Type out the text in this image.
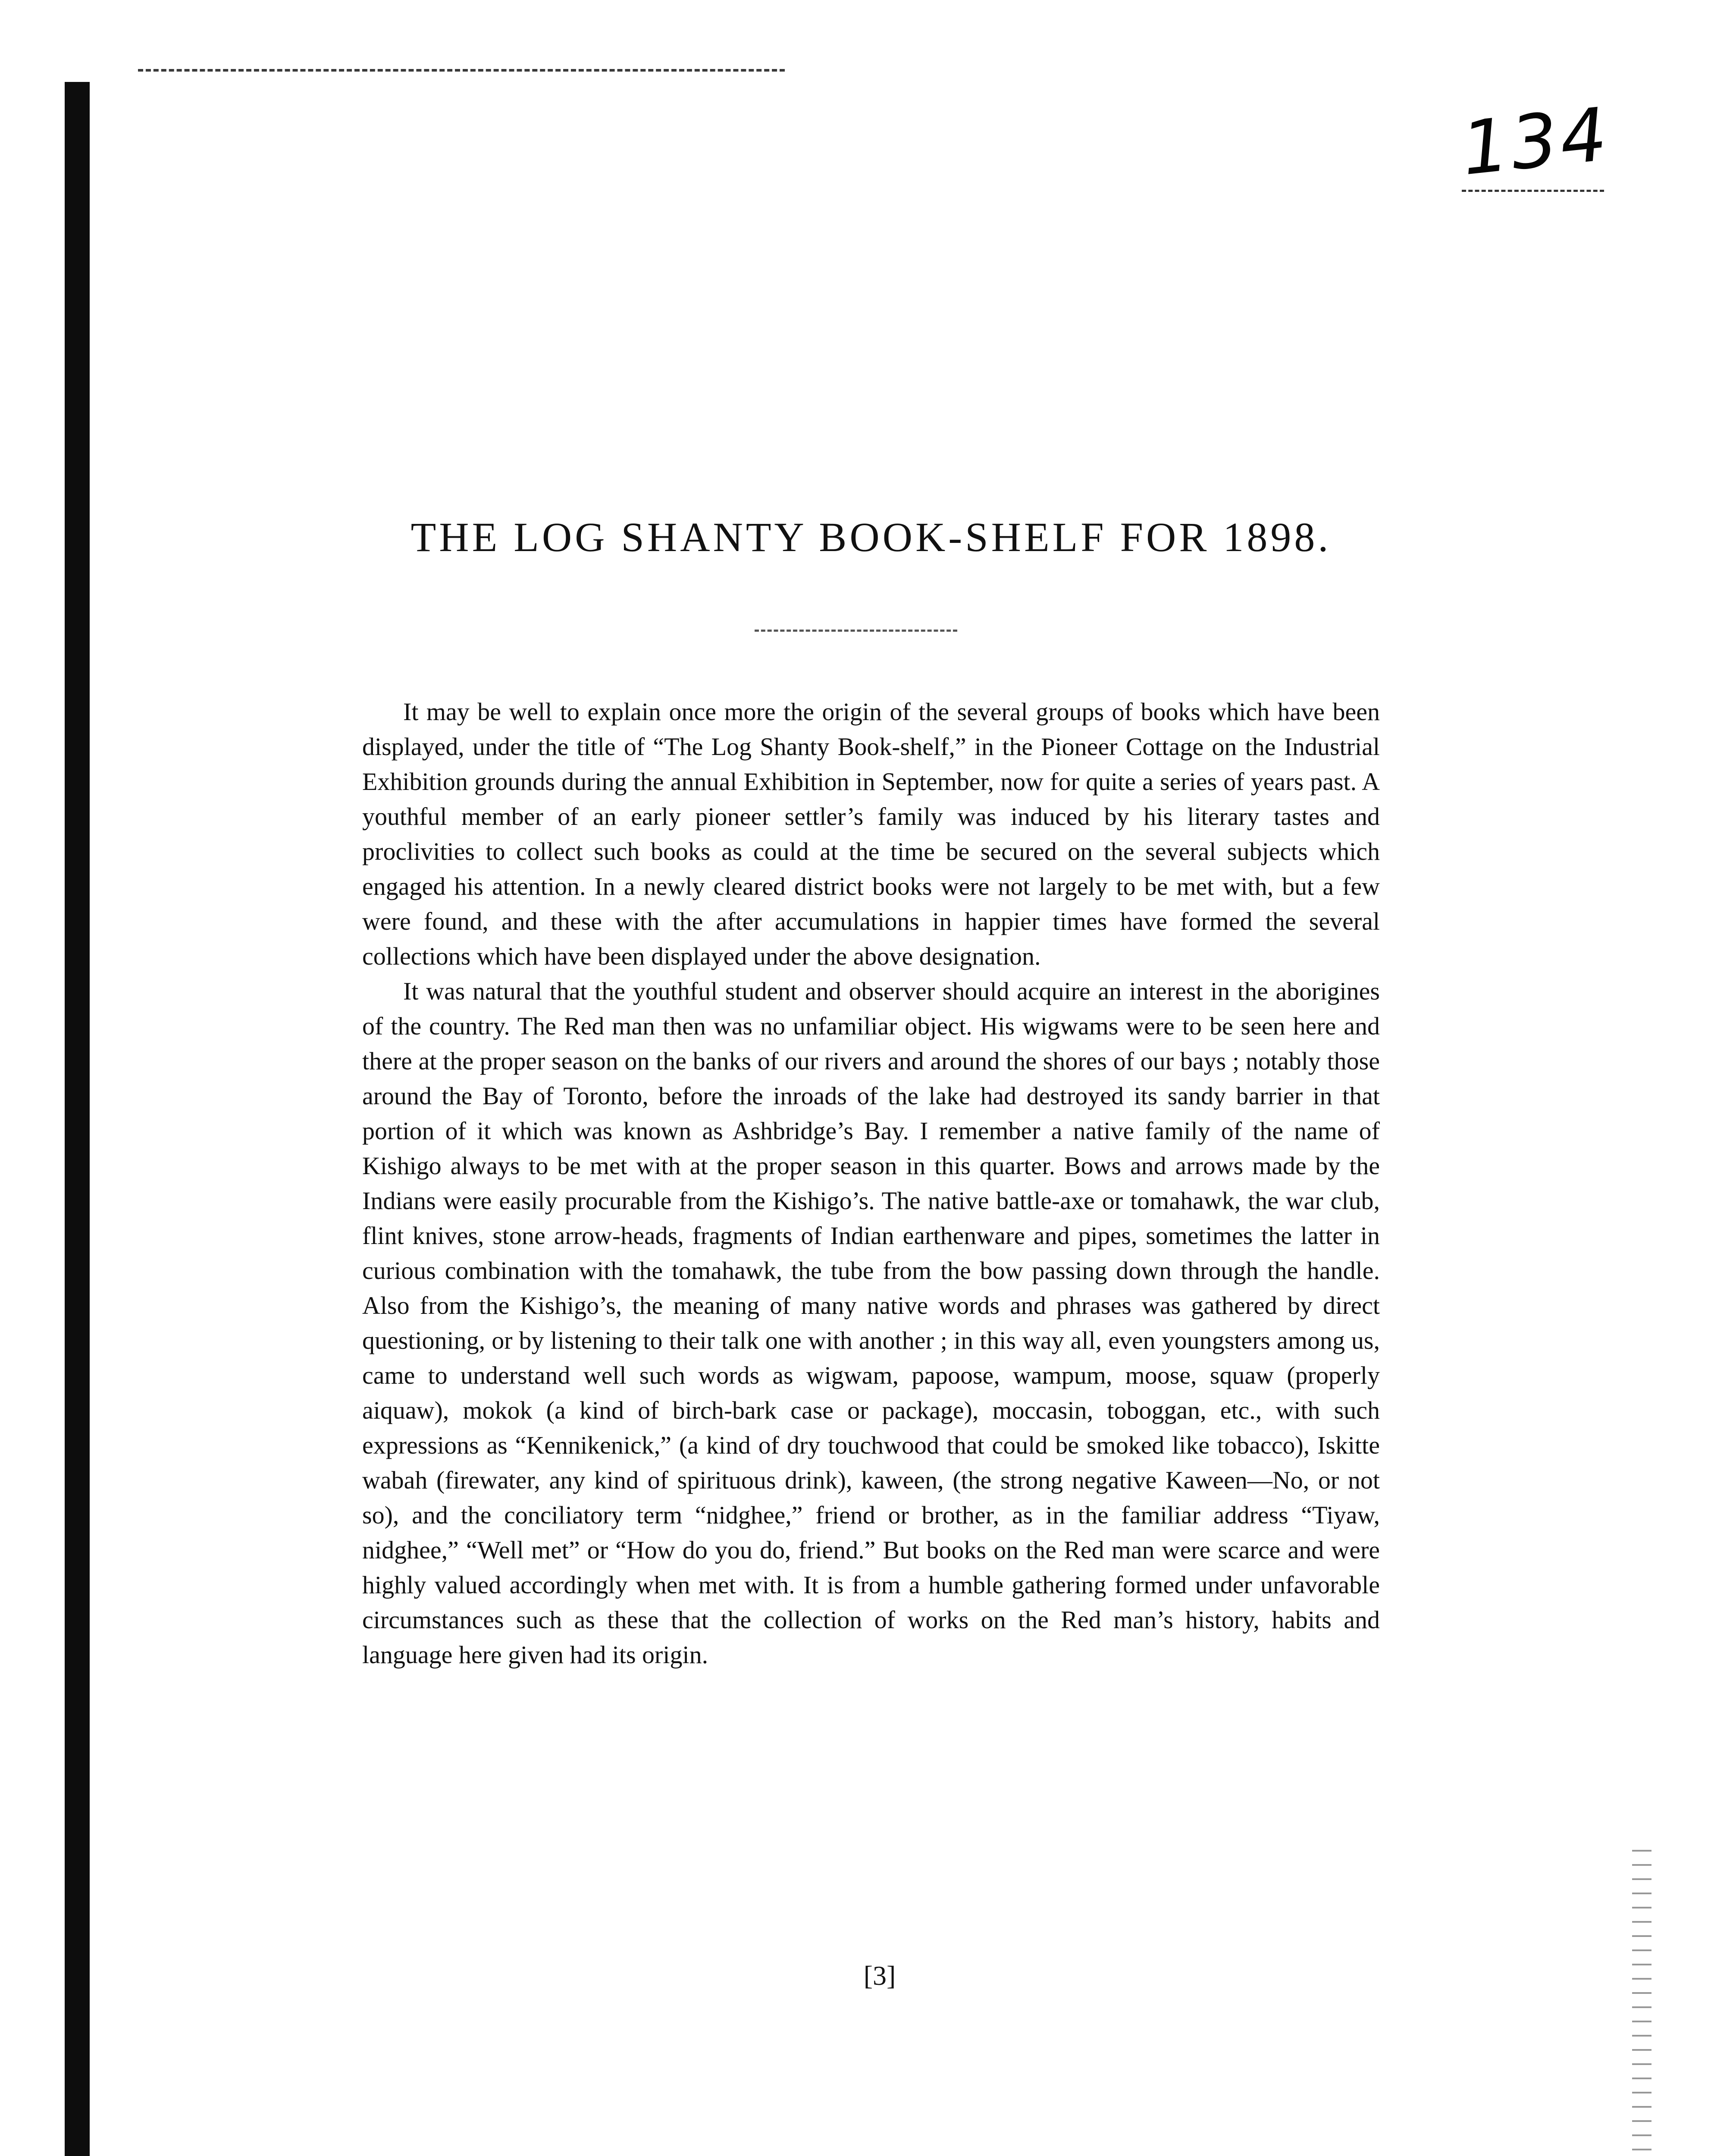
134
THE LOG SHANTY BOOK-SHELF FOR 1898.

It may be well to explain once more the origin of the several groups of books which have been displayed, under the title of “The Log Shanty Book-shelf,” in the Pioneer Cottage on the Industrial Exhibition grounds during the annual Exhibition in September, now for quite a series of years past. A youthful member of an early pioneer settler’s family was induced by his literary tastes and proclivities to collect such books as could at the time be secured on the several subjects which engaged his attention. In a newly cleared district books were not largely to be met with, but a few were found, and these with the after accumulations in happier times have formed the several collections which have been displayed under the above designation.

It was natural that the youthful student and observer should acquire an interest in the aborigines of the country. The Red man then was no unfamiliar object. His wigwams were to be seen here and there at the proper season on the banks of our rivers and around the shores of our bays ; notably those around the Bay of Toronto, before the inroads of the lake had destroyed its sandy barrier in that portion of it which was known as Ashbridge’s Bay. I remember a native family of the name of Kishigo always to be met with at the proper season in this quarter. Bows and arrows made by the Indians were easily procurable from the Kishigo’s. The native battle-axe or tomahawk, the war club, flint knives, stone arrow-heads, fragments of Indian earthenware and pipes, sometimes the latter in curious combination with the tomahawk, the tube from the bow passing down through the handle. Also from the Kishigo’s, the meaning of many native words and phrases was gathered by direct questioning, or by listening to their talk one with another ; in this way all, even youngsters among us, came to understand well such words as wigwam, papoose, wampum, moose, squaw (properly aiquaw), mokok (a kind of birch-bark case or package), moccasin, toboggan, etc., with such expressions as “Kennikenick,” (a kind of dry touchwood that could be smoked like tobacco), Iskitte wabah (firewater, any kind of spirituous drink), kaween, (the strong negative Kaween—No, or not so), and the conciliatory term “nidghee,” friend or brother, as in the familiar address “Tiyaw, nidghee,” “Well met” or “How do you do, friend.” But books on the Red man were scarce and were highly valued accordingly when met with. It is from a humble gathering formed under unfavorable circumstances such as these that the collection of works on the Red man’s history, habits and language here given had its origin.

[3]
